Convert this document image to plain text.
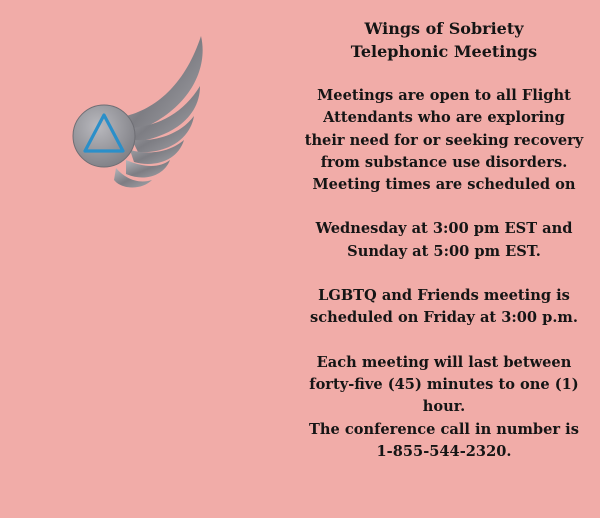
Wings of Sobriety
Telephonic Meetings
Meetings are open to all Flight
Attendants who are exploring
their need for or seeking recovery
from substance use disorders.
Meeting times are scheduled on
Wednesday at 3:00 pm EST and
Sunday at 5:00 pm EST.
LGBTQ and Friends meeting is
scheduled on Friday at 3:00 p.m.
Each meeting will last between
forty-five (45) minutes to one (1)
hour.
The conference call in number is
1-855-544-2320.
